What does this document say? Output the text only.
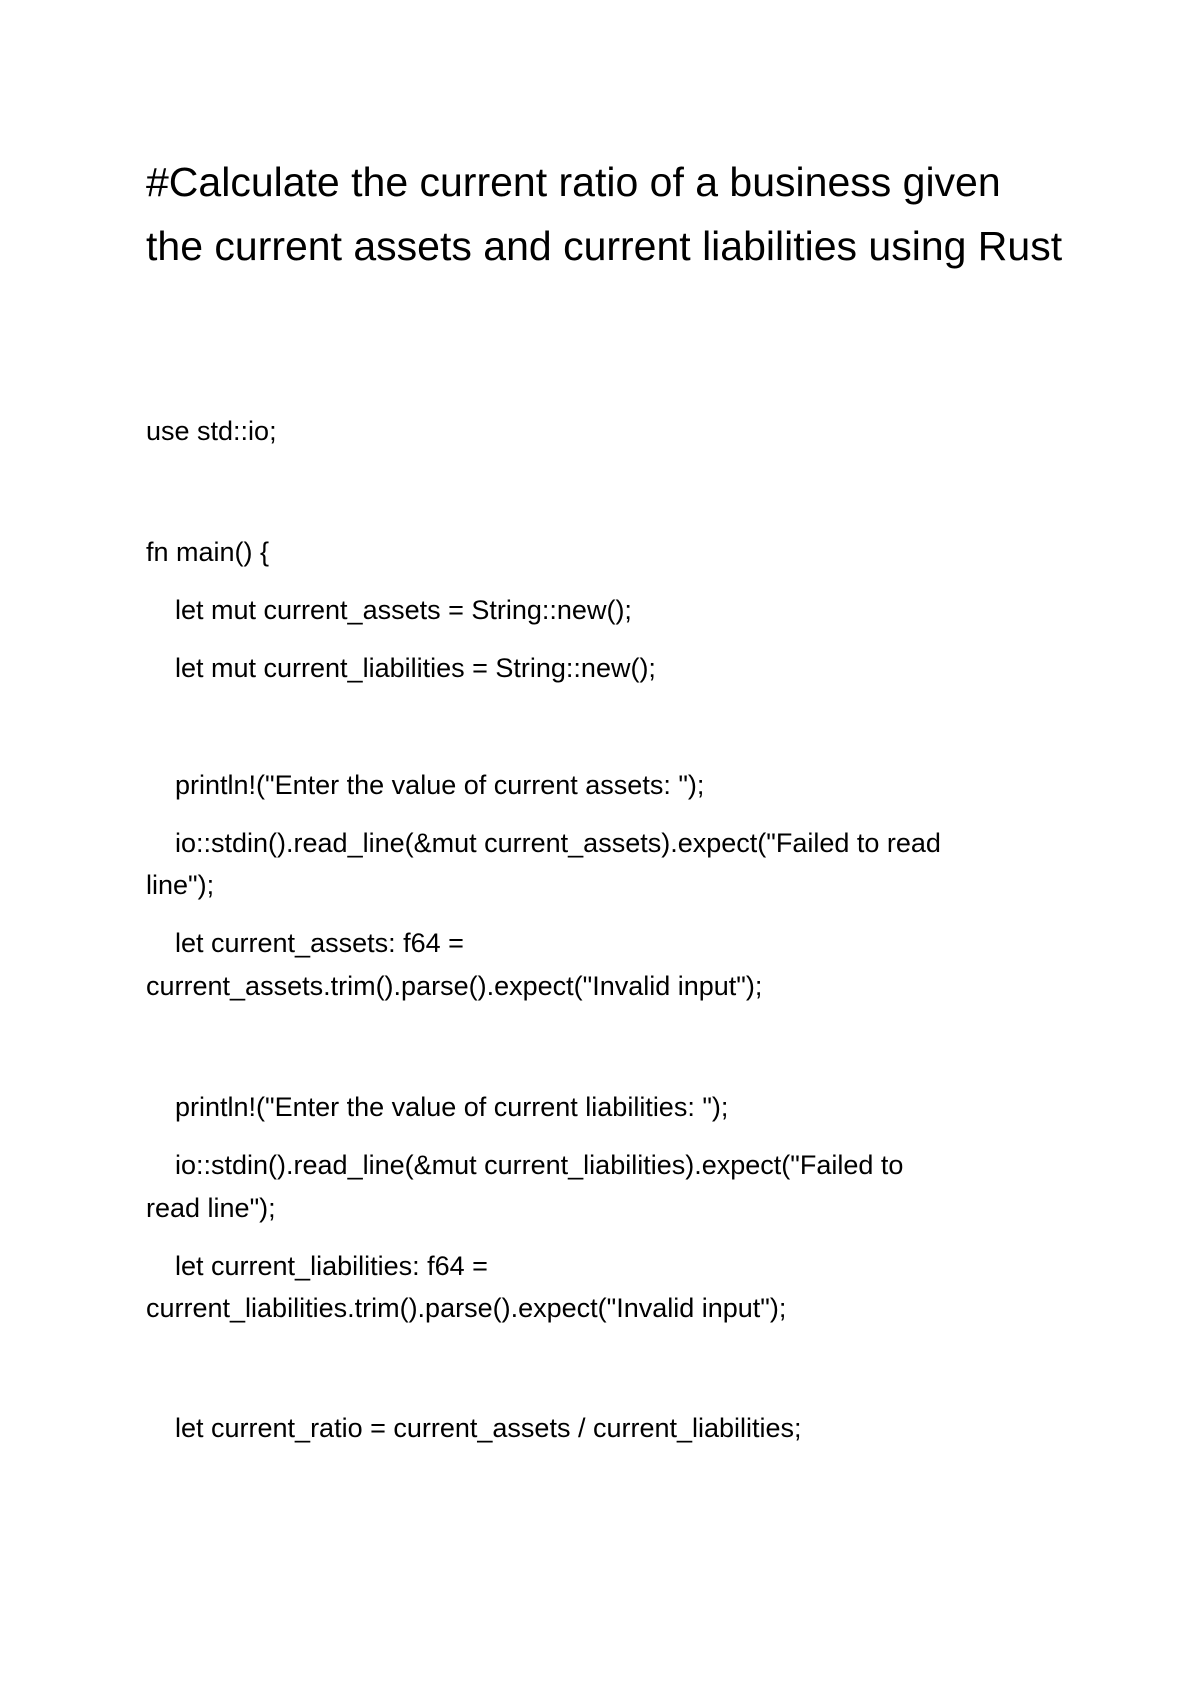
#Calculate the current ratio of a business given the current assets and current liabilities using Rust

use std::io;

fn main() {

let mut current_assets = String::new();

let mut current_liabilities = String::new();

println!("Enter the value of current assets: ");

io::stdin().read_line(&mut current_assets).expect("Failed to read

line");

let current_assets: f64 =

current_assets.trim().parse().expect("Invalid input");

println!("Enter the value of current liabilities: ");

io::stdin().read_line(&mut current_liabilities).expect("Failed to

read line");

let current_liabilities: f64 =

current_liabilities.trim().parse().expect("Invalid input");

let current_ratio = current_assets / current_liabilities;
